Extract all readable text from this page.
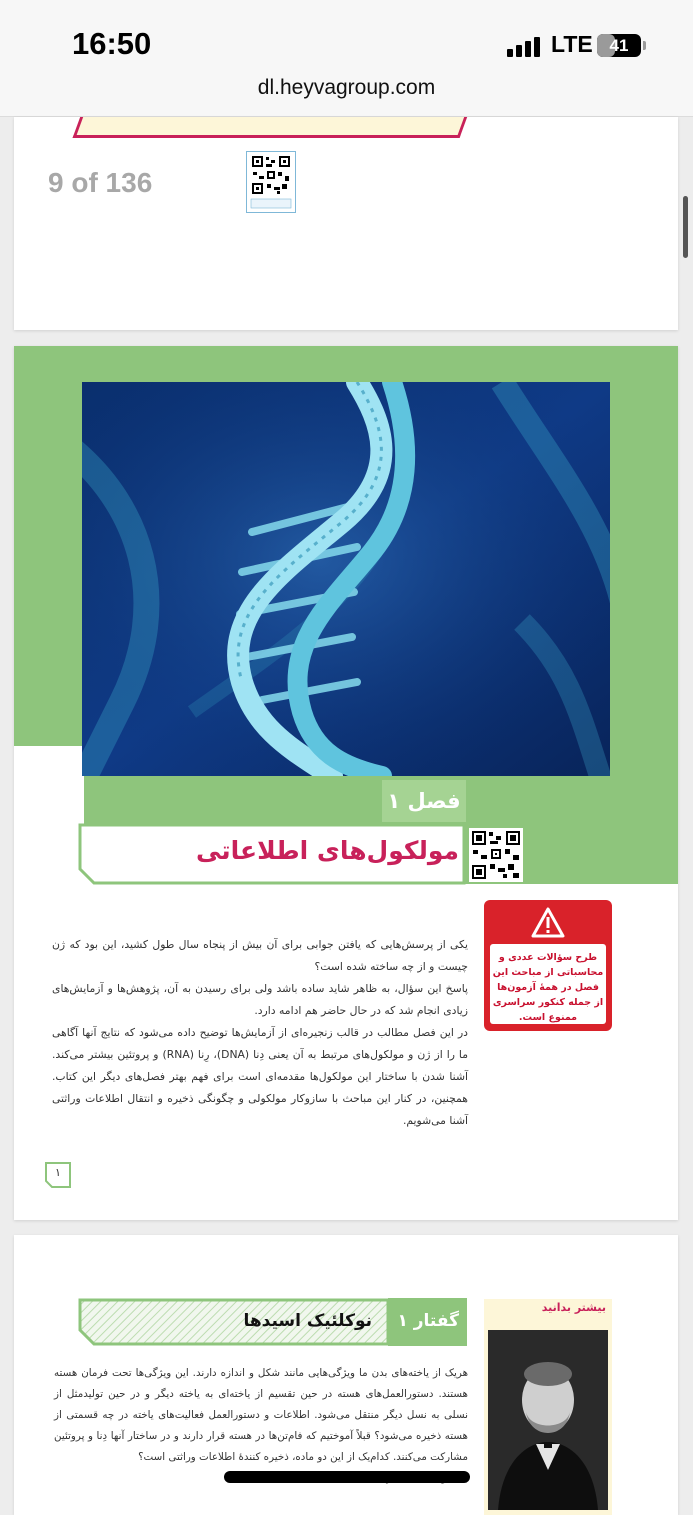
16:50	LTE 41
dl.heyvagroup.com
9 of 136
فصل ۱
مولکول‌های اطلاعاتی
طرح سؤالات عددی و محاسباتی از مباحث این فصل در همهٔ آزمون‌ها از جمله کنکور سراسری ممنوع است.

یکی از پرسش‌هایی که یافتن جوابی برای آن بیش از پنجاه سال طول کشید، این بود که ژن چیست و از چه ساخته شده است؟

پاسخ این سؤال، به ظاهر شاید ساده باشد ولی برای رسیدن به آن، پژوهش‌ها و آزمایش‌های زیادی انجام شد که در حال حاضر هم ادامه دارد.

در این فصل مطالب در قالب زنجیره‌ای از آزمایش‌ها توضیح داده می‌شود که نتایج آنها آگاهی ما را از ژن و مولکول‌های مرتبط به آن یعنی دِنا (DNA)، رِنا (RNA) و پروتئین بیشتر می‌کند. آشنا شدن با ساختار این مولکول‌ها مقدمه‌ای است برای فهم بهتر فصل‌های دیگر این کتاب. همچنین، در کنار این مباحث با سازوکار مولکولی و چگونگی ذخیره و انتقال اطلاعات وراثتی آشنا می‌شویم.

۱
گفتار ۱
نوکلئیک اسیدها
بیشتر بدانید

هریک از یاخته‌های بدن ما ویژگی‌هایی مانند شکل و اندازه دارند. این ویژگی‌ها تحت فرمان هسته هستند. دستورالعمل‌های هسته در حین تقسیم از یاخته‌ای به یاخته دیگر و در حین تولیدمثل از نسلی به نسل دیگر منتقل می‌شود. اطلاعات و دستورالعمل فعالیت‌های یاخته در چه قسمتی از هسته ذخیره می‌شود؟ قبلاً آموختیم که فام‌تن‌ها در هسته قرار دارند و در ساختار آنها دِنا و پروتئین مشارکت می‌کنند. کدام‌یک از این دو ماده، ذخیره کنندهٔ اطلاعات وراثتی است؟
